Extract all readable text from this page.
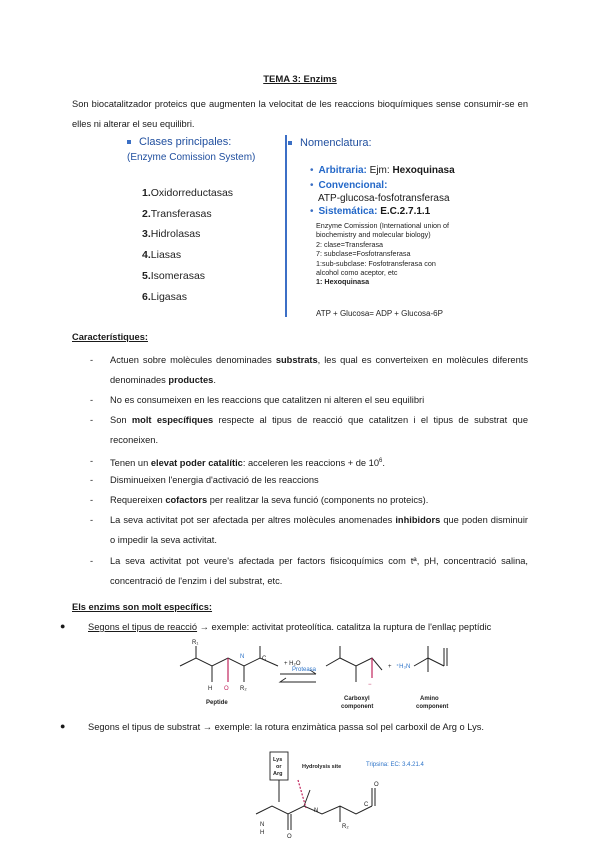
TEMA 3: Enzims
Son biocatalitzador proteics que augmenten la velocitat de les reaccions bioquímiques sense consumir-se en elles ni alterar el seu equilibri.
Clases principales:
(Enzyme Comission System)
1.Oxidorreductasas
2.Transferasas
3.Hidrolasas
4.Liasas
5.Isomerasas
6.Ligasas
Nomenclatura:
• Arbitraria: Ejm: Hexoquinasa
• Convencional:
ATP-glucosa-fosfotransferasa
• Sistemática: E.C.2.7.1.1
Enzyme Comission (International union of
biochemistry and molecular biology)
2: clase=Transferasa
7: subclase=Fosfotransferasa
1:sub-subclase: Fosfotransferasa con
alcohol como aceptor, etc
1: Hexoquinasa
ATP + Glucosa= ADP + Glucosa-6P
Característiques:
- Actuen sobre molècules denominades substrats, les qual es converteixen en molècules diferents denominades productes.
- No es consumeixen en les reaccions que catalitzen ni alteren el seu equilibri
- Son molt específiques respecte al tipus de reacció que catalitzen i el tipus de substrat que reconeixen.
- Tenen un elevat poder catalític: acceleren les reaccions + de $10^6$.
- Disminueixen l'energia d'activació de les reaccions
- Requereixen cofactors per realitzar la seva funció (components no proteics).
- La seva activitat pot ser afectada per altres molècules anomenades inhibidors que poden disminuir o impedir la seva activitat.
- La seva activitat pot veure's afectada per factors fisicoquímics com tª, pH, concentració salina, concentració de l'enzim i del substrat, etc.
Els enzims son molt específics:
● Segons el tipus de reacció → exemple: activitat proteolítica. catalitza la ruptura de l'enllaç peptídic
R₁
H O
N
R₂
C
+ H₂O
Proteasa
−
+ ⁺H₃N
Peptide
Carboxyl
component
Amino
component
● Segons el tipus de substrat → exemple: la rotura enzimàtica passa sol pel carboxil de Arg o Lys.
Lys
or
Arg
Hydrolysis site
N
H
O
N
R₂
O
C
Tripsina: EC: 3.4.21.4
